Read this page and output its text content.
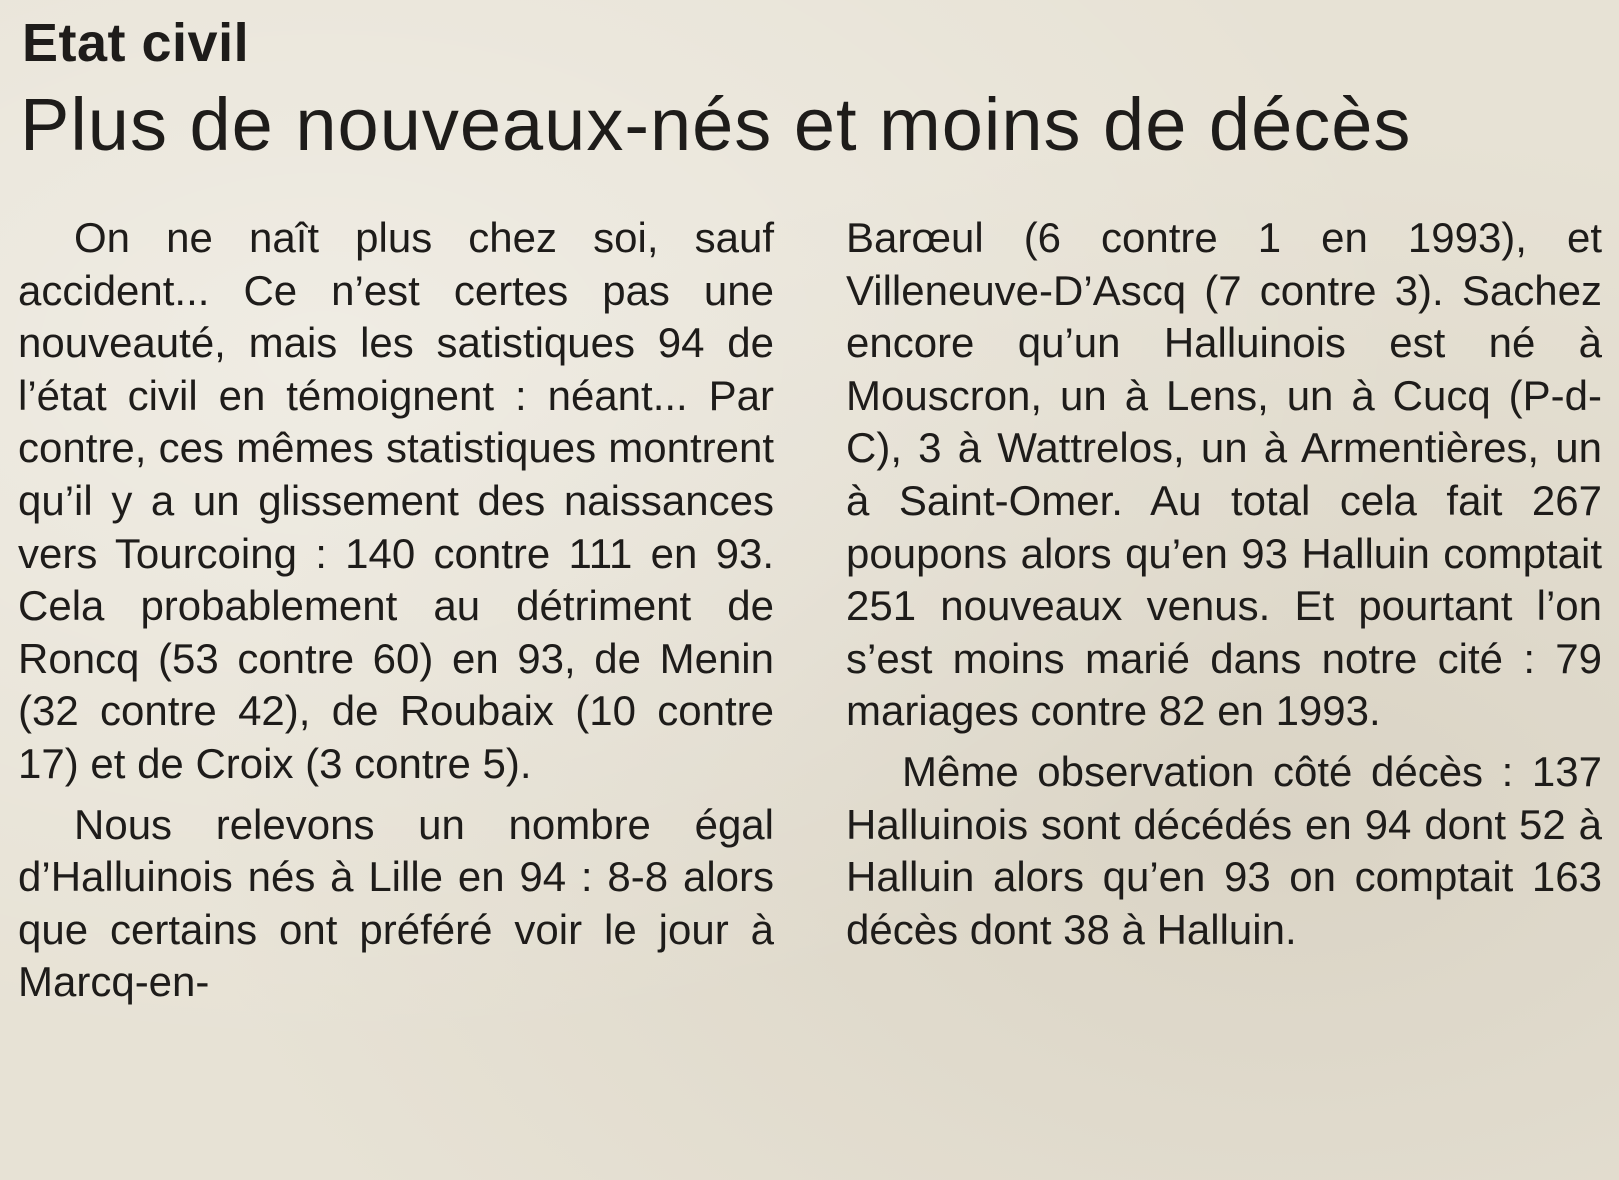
Etat civil
Plus de nouveaux-nés et moins de décès

On ne naît plus chez soi, sauf accident... Ce n’est certes pas une nouveauté, mais les satistiques 94 de l’état civil en témoignent : néant... Par contre, ces mêmes statistiques montrent qu’il y a un glissement des naissances vers Tourcoing : 140 contre 111 en 93. Cela probablement au détriment de Roncq (53 contre 60) en 93, de Menin (32 contre 42), de Roubaix (10 contre 17) et de Croix (3 contre 5).

Nous relevons un nombre égal d’Halluinois nés à Lille en 94 : 8-8 alors que certains ont préféré voir le jour à Marcq-en-

Barœul (6 contre 1 en 1993), et Villeneuve-D’Ascq (7 contre 3). Sachez encore qu’un Halluinois est né à Mouscron, un à Lens, un à Cucq (P-d-C), 3 à Wattrelos, un à Armentières, un à Saint-Omer. Au total cela fait 267 poupons alors qu’en 93 Halluin comptait 251 nouveaux venus. Et pourtant l’on s’est moins marié dans notre cité : 79 mariages contre 82 en 1993.

Même observation côté décès : 137 Halluinois sont décédés en 94 dont 52 à Halluin alors qu’en 93 on comptait 163 décès dont 38 à Halluin.
